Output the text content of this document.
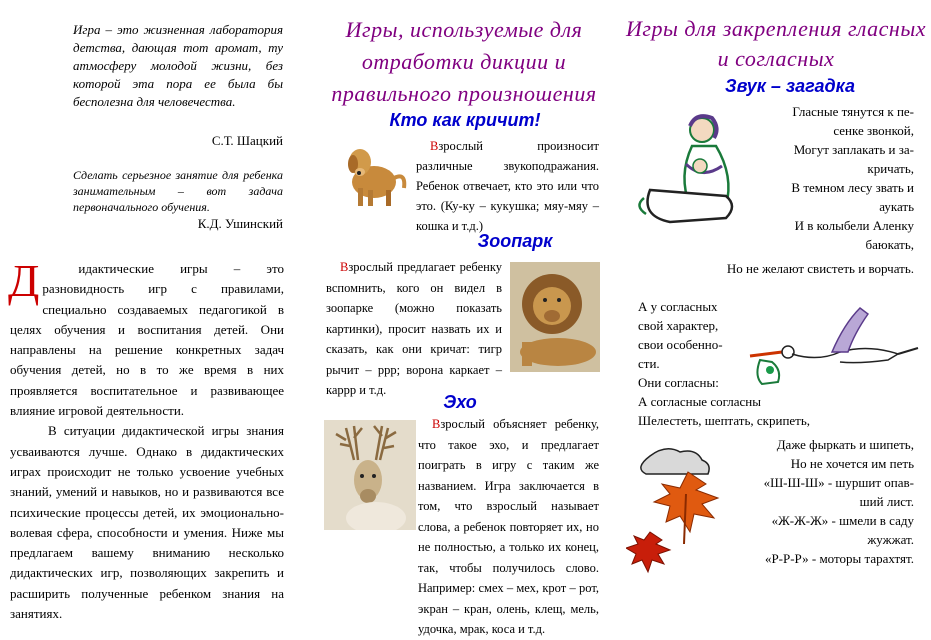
Игра – это жизненная лаборатория детства, дающая тот аромат, ту атмосферу молодой жизни, без которой эта пора ее была бы бесполезна для человечества.
С.Т. Шацкий
Сделать серьезное занятие для ребенка занимательным – вот задача первоначального обучения.
К.Д. Ушинский

Д	идактические игры – это разновидность игр с правилами, специально создаваемых педагогикой в целях обучения и воспитания детей. Они направлены на решение конкретных задач обучения детей, но в то же время в них проявляется воспитательное и развивающее влияние игровой деятельности.

В ситуации дидактической игры знания усваиваются лучше. Однако в дидактических играх происходит не только усвоение учебных знаний, умений и навыков, но и развиваются все психические процессы детей, их эмоционально-волевая сфера, способности и умения. Ниже мы предлагаем вашему вниманию несколько дидактических игр, позволяющих закрепить и расширить полученные ребенком знания на занятиях.

Игры, используемые для отработки дикции и правильного произношения
Кто как кричит!
Взрослый произносит различные звукоподражания. Ребенок отвечает, кто это или что это. (Ку-ку – кукушка; мяу-мяу – кошка и т.д.)
Зоопарк
Взрослый предлагает ребенку вспомнить, кого он видел в зоопарке (можно показать картинки), просит назвать их и сказать, как они кричат: тигр рычит – ррр; ворона каркает – каррр и т.д.
Эхо
Взрослый объясняет ребенку, что такое эхо, и предлагает поиграть в игру с таким же названием. Игра заключается в том, что взрослый называет слова, а ребенок повторяет их, но не полностью, а только их конец, так, чтобы получилось слово. Например: смех – мех, крот – рот, экран – кран, олень, клещ, мель, удочка, мрак, коса и т.д.
Игры для закрепления гласных и согласных
Звук – загадка
Гласные тянутся к пе-
сенке звонкой,
Могут заплакать и за-
кричать,
В темном лесу звать и
аукать
И в колыбели Аленку
баюкать,
Но не желают свистеть и ворчать.
А у согласных
свой характер,
свои особенно-
сти.
Они согласны:
А согласные согласны
Шелестеть, шептать, скрипеть,
Даже фыркать и шипеть,
Но не хочется им петь
«Ш-Ш-Ш» - шуршит опав-
ший лист.
«Ж-Ж-Ж» - шмели в саду
жужжат.
«Р-Р-Р» - моторы тарахтят.
